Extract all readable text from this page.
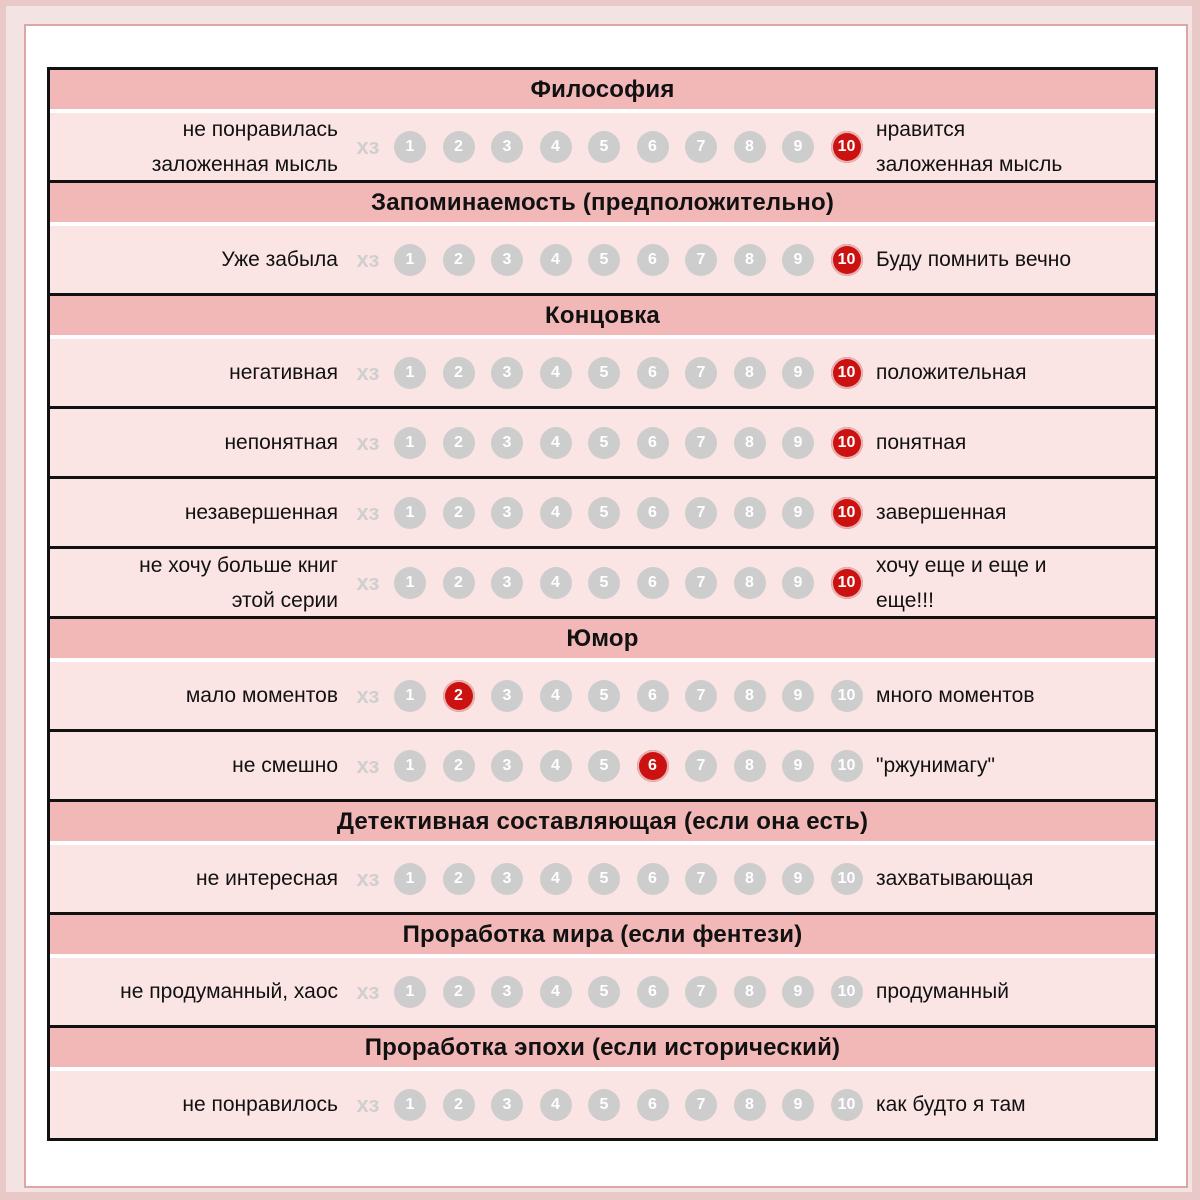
Философия
не понравилась
заложенная мысль
хз	1	2	3	4	5	6	7	8	9	10
нравится
заложенная мысль
Запоминаемость (предположительно)
Уже забыла хз	1	2	3	4	5	6	7	8	9	10 Буду помнить вечно
Концовка
негативная хз	1	2	3	4	5	6	7	8	9	10 положительная
непонятная хз	1	2	3	4	5	6	7	8	9	10 понятная
незавершенная хз	1	2	3	4	5	6	7	8	9	10 завершенная
не хочу больше книг
этой серии
хз	1	2	3	4	5	6	7	8	9	10
хочу еще и еще и
еще!!!
Юмор
мало моментов хз	1	2	3	4	5	6	7	8	9	10 много моментов
не смешно хз	1	2	3	4	5	6	7	8	9	10 "ржунимагу"
Детективная составляющая (если она есть)
не интересная хз	1	2	3	4	5	6	7	8	9	10 захватывающая
Проработка мира (если фентези)
не продуманный, хаос хз	1	2	3	4	5	6	7	8	9	10 продуманный
Проработка эпохи (если исторический)
не понравилось хз	1	2	3	4	5	6	7	8	9	10 как будто я там
